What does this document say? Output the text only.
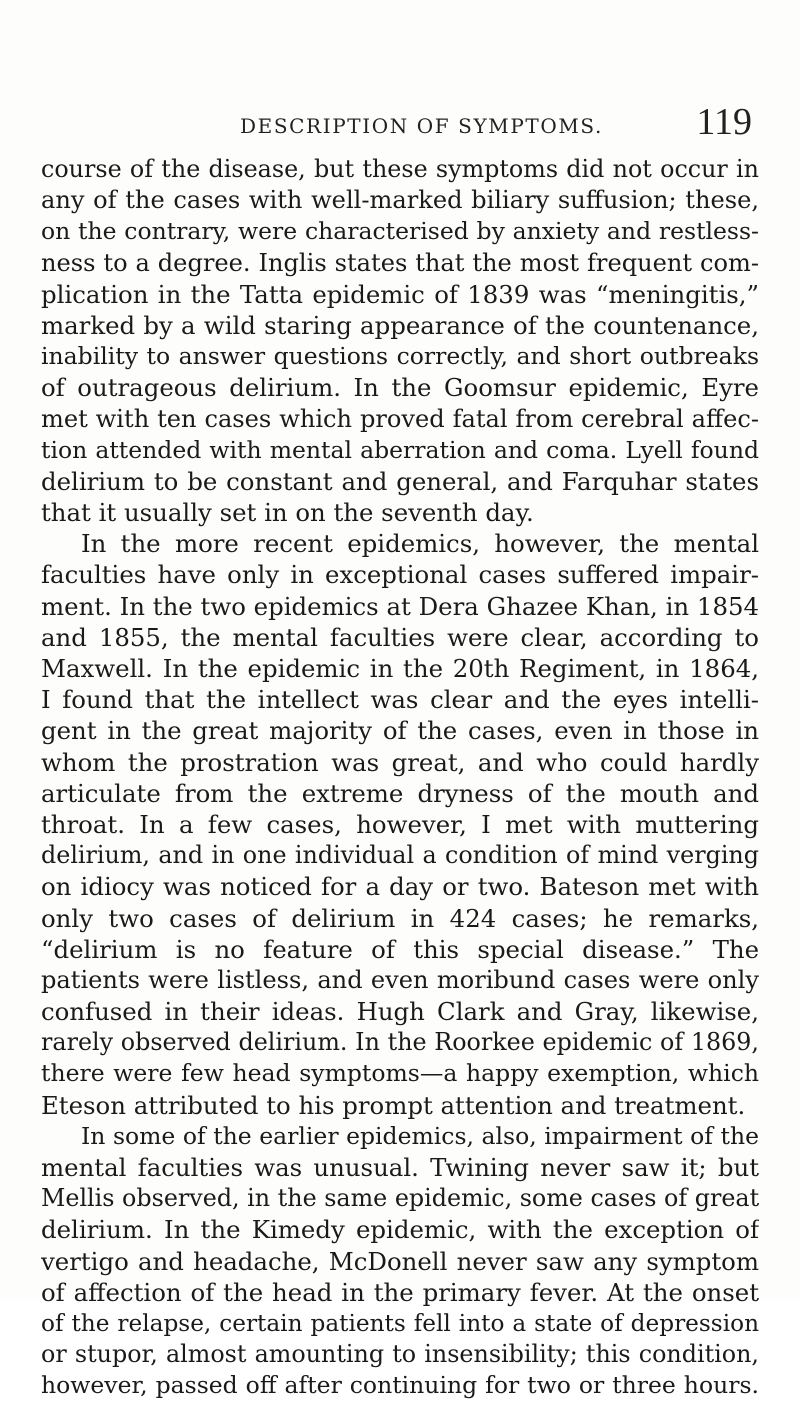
DESCRIPTION OF SYMPTOMS. 119
course of the disease, but these symptoms did not occur in
any of the cases with well-marked biliary suffusion; these,
on the contrary, were characterised by anxiety and restless-
ness to a degree. Inglis states that the most frequent com-
plication in the Tatta epidemic of 1839 was “meningitis,”
marked by a wild staring appearance of the countenance,
inability to answer questions correctly, and short outbreaks
of outrageous delirium. In the Goomsur epidemic, Eyre
met with ten cases which proved fatal from cerebral affec-
tion attended with mental aberration and coma. Lyell found
delirium to be constant and general, and Farquhar states
that it usually set in on the seventh day.
In the more recent epidemics, however, the mental
faculties have only in exceptional cases suffered impair-
ment. In the two epidemics at Dera Ghazee Khan, in 1854
and 1855, the mental faculties were clear, according to
Maxwell. In the epidemic in the 20th Regiment, in 1864,
I found that the intellect was clear and the eyes intelli-
gent in the great majority of the cases, even in those in
whom the prostration was great, and who could hardly
articulate from the extreme dryness of the mouth and
throat. In a few cases, however, I met with muttering
delirium, and in one individual a condition of mind verging
on idiocy was noticed for a day or two. Bateson met with
only two cases of delirium in 424 cases; he remarks,
“delirium is no feature of this special disease.” The
patients were listless, and even moribund cases were only
confused in their ideas. Hugh Clark and Gray, likewise,
rarely observed delirium. In the Roorkee epidemic of 1869,
there were few head symptoms—a happy exemption, which
Eteson attributed to his prompt attention and treatment.
In some of the earlier epidemics, also, impairment of the
mental faculties was unusual. Twining never saw it; but
Mellis observed, in the same epidemic, some cases of great
delirium. In the Kimedy epidemic, with the exception of
vertigo and headache, McDonell never saw any symptom
of affection of the head in the primary fever. At the onset
of the relapse, certain patients fell into a state of depression
or stupor, almost amounting to insensibility; this condition,
however, passed off after continuing for two or three hours.
